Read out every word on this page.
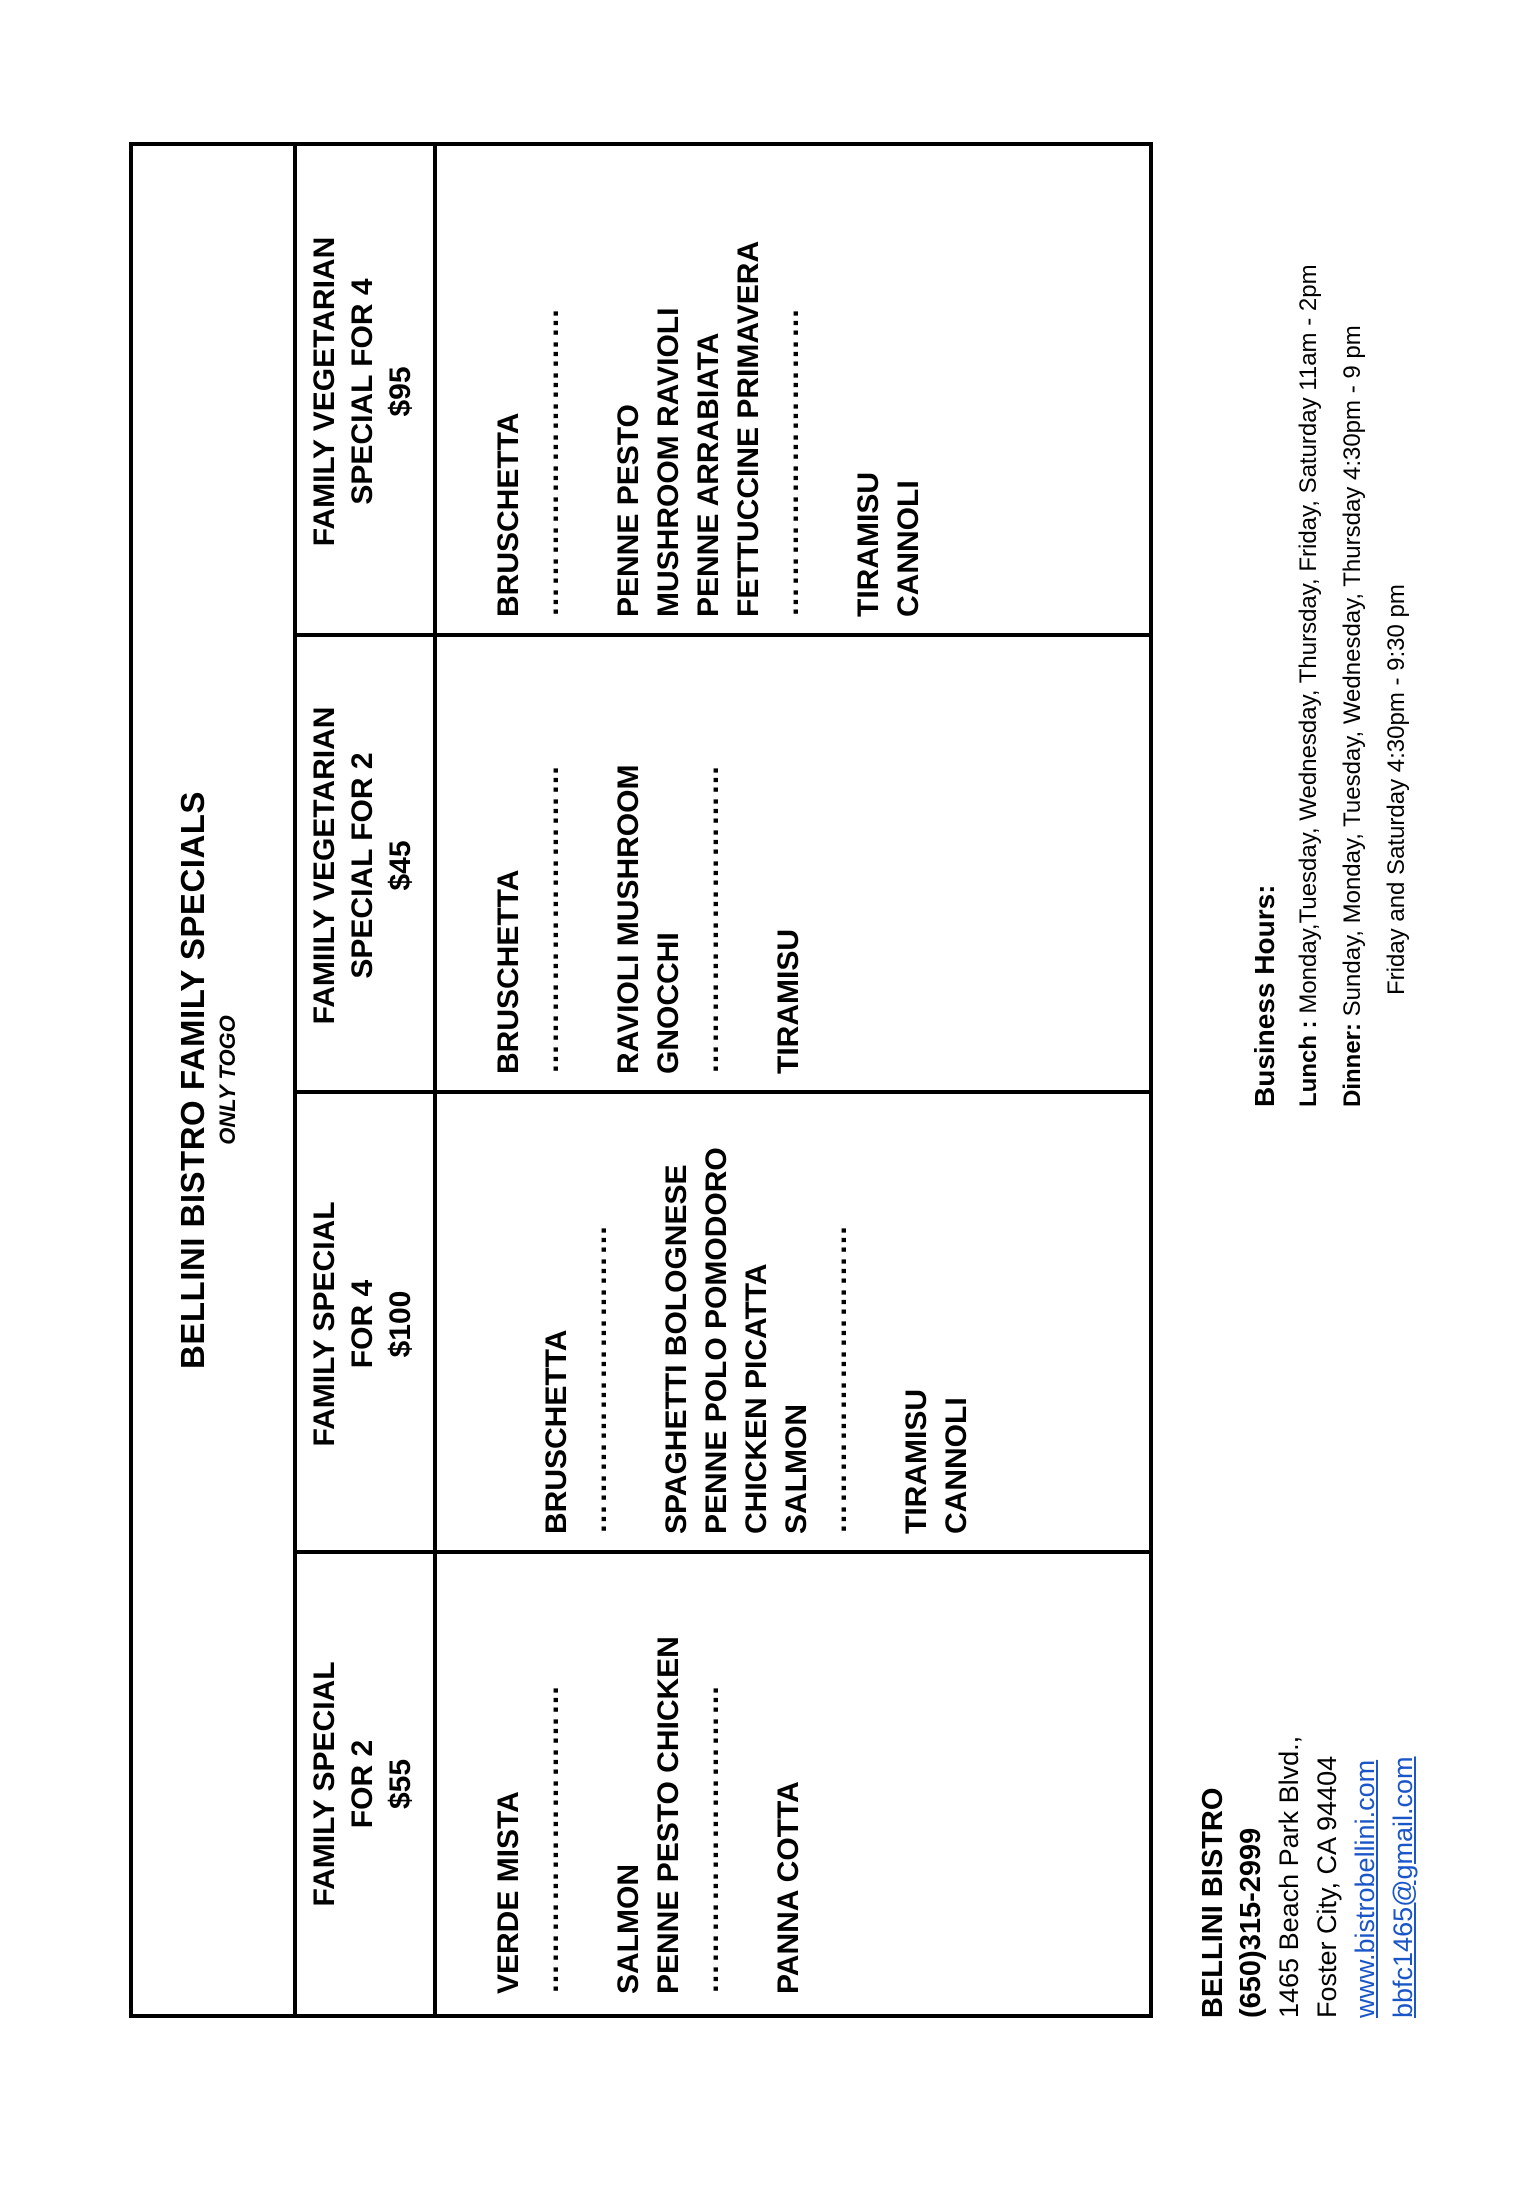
BELLINI BISTRO FAMILY SPECIALS ONLY TOGO
FAMILY SPECIAL FOR 2 $55
VERDE MISTA ………………………… SALMON PENNE PESTO CHICKEN ………………………… PANNA COTTA
FAMILY SPECIAL FOR 4 $100
BRUSCHETTA ………………………… SPAGHETTI BOLOGNESE PENNE POLO POMODORO CHICKEN PICATTA SALMON ………………………… TIRAMISU CANNOLI
FAMIILY VEGETARIAN SPECIAL FOR 2 $45
BRUSCHETTA ………………………… RAVIOLI MUSHROOM GNOCCHI ………………………… TIRAMISU
FAMILY VEGETARIAN SPECIAL FOR 4 $95
BRUSCHETTA ………………………… PENNE PESTO MUSHROOM RAVIOLI PENNE ARRABIATA FETTUCCINE PRIMAVERA ………………………… TIRAMISU CANNOLI
BELLINI BISTRO (650)315-2999 1465 Beach Park Blvd., Foster City, CA 94404 www.bistrobellini.com bbfc1465@gmail.com
Business Hours: Lunch : Monday,Tuesday, Wednesday, Thursday, Friday, Saturday 11am - 2pm
Dinner: Sunday, Monday, Tuesday, Wednesday, Thursday 4:30pm - 9 pm Friday and Saturday 4:30pm - 9:30 pm
